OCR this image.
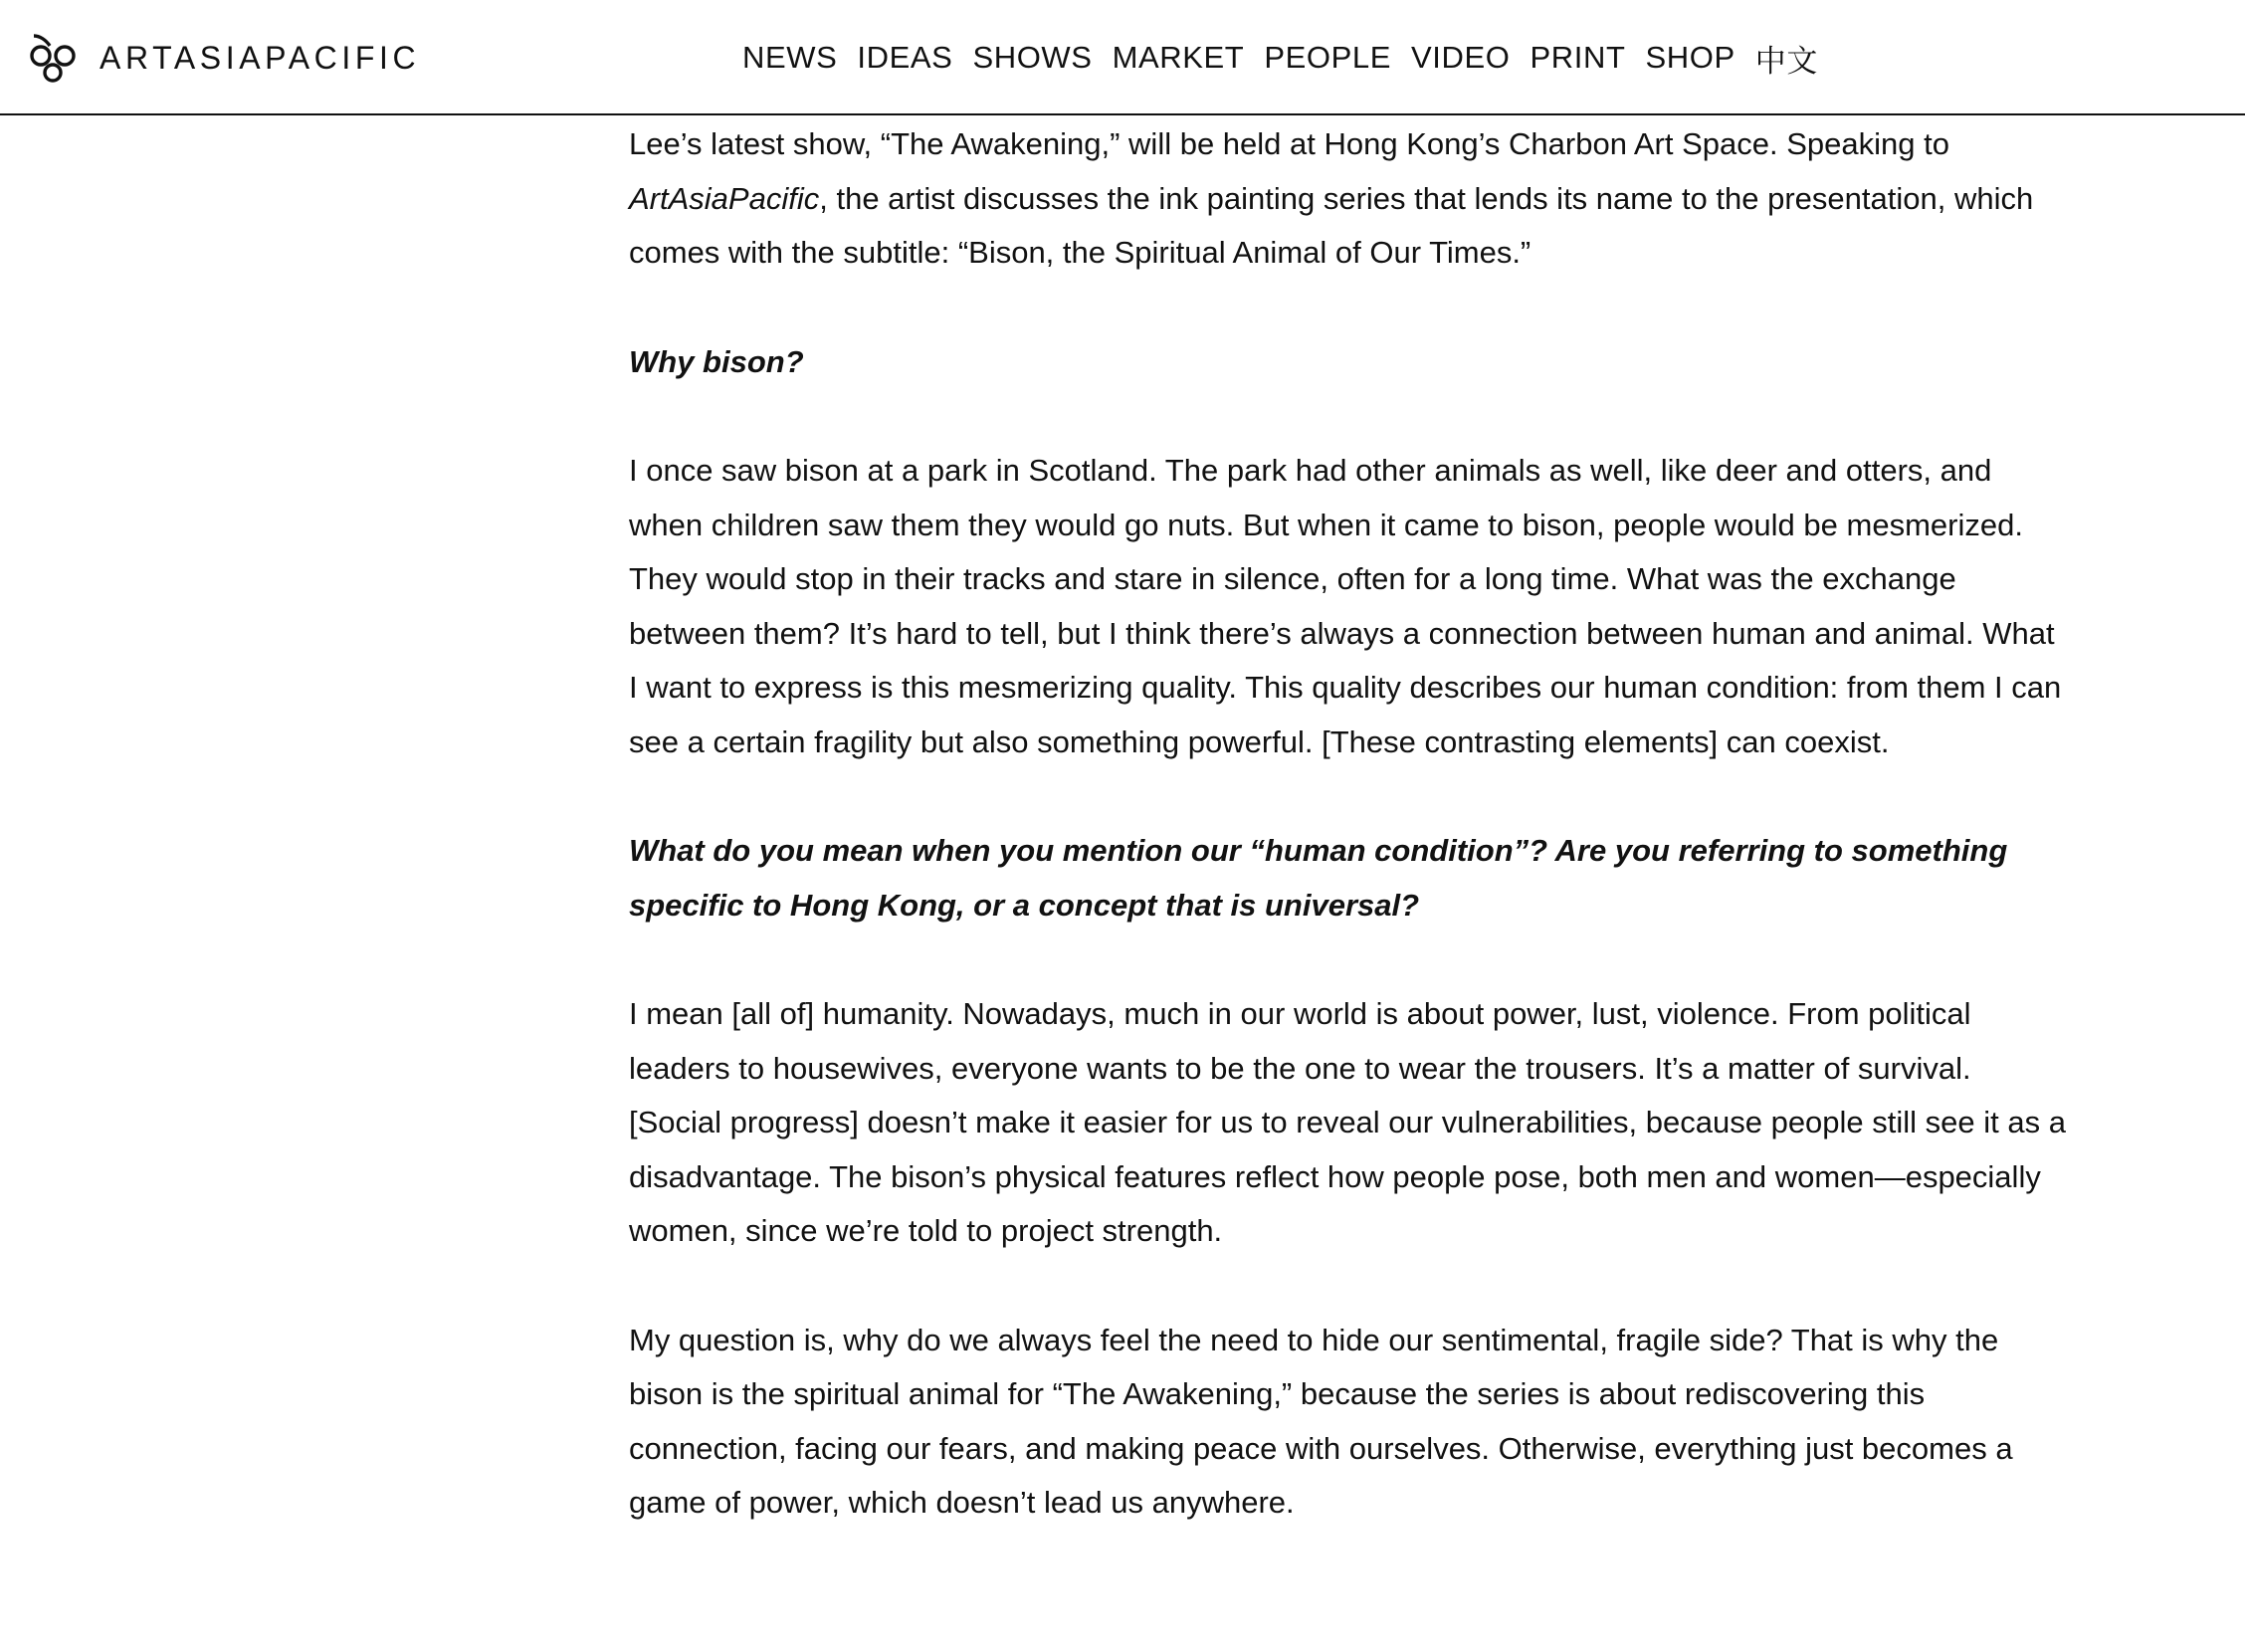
ARTASIAPACIFIC	NEWS IDEAS SHOWS MARKET PEOPLE VIDEO PRINT SHOP 中文

Lee’s latest show, “The Awakening,” will be held at Hong Kong’s Charbon Art Space. Speaking to ArtAsiaPacific, the artist discusses the ink painting series that lends its name to the presentation, which comes with the subtitle: “Bison, the Spiritual Animal of Our Times.”

Why bison?

I once saw bison at a park in Scotland. The park had other animals as well, like deer and otters, and when children saw them they would go nuts. But when it came to bison, people would be mesmerized. They would stop in their tracks and stare in silence, often for a long time. What was the exchange between them? It’s hard to tell, but I think there’s always a connection between human and animal. What I want to express is this mesmerizing quality. This quality describes our human condition: from them I can see a certain fragility but also something powerful. [These contrasting elements] can coexist.

What do you mean when you mention our “human condition”? Are you referring to something specific to Hong Kong, or a concept that is universal?

I mean [all of] humanity. Nowadays, much in our world is about power, lust, violence. From political leaders to housewives, everyone wants to be the one to wear the trousers. It’s a matter of survival. [Social progress] doesn’t make it easier for us to reveal our vulnerabilities, because people still see it as a disadvantage. The bison’s physical features reflect how people pose, both men and women—especially women, since we’re told to project strength.

My question is, why do we always feel the need to hide our sentimental, fragile side? That is why the bison is the spiritual animal for “The Awakening,” because the series is about rediscovering this connection, facing our fears, and making peace with ourselves. Otherwise, everything just becomes a game of power, which doesn’t lead us anywhere.
